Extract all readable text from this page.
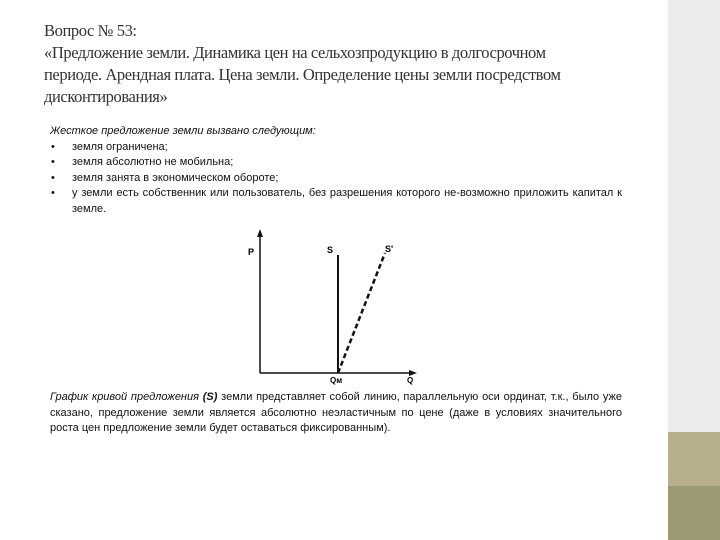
Вопрос № 53:
«Предложение земли. Динамика цен на сельхозпродукцию в долгосрочном
периоде. Арендная плата. Цена земли. Определение цены земли посредством
дисконтирования»
Жесткое предложение земли вызвано следующим:
• земля ограничена;
• земля абсолютно не мобильна;
• земля занята в экономическом обороте;
• у земли есть собственник или пользователь, без разрешения которого не-возможно приложить капитал к земле.
P	S	S'
Qм	Q
График кривой предложения (S) земли представляет собой линию, параллельную оси ординат, т.к., было уже сказано, предложение земли является абсолютно неэластичным по цене (даже в условиях значительного роста цен предложение земли будет оставаться фиксированным).
